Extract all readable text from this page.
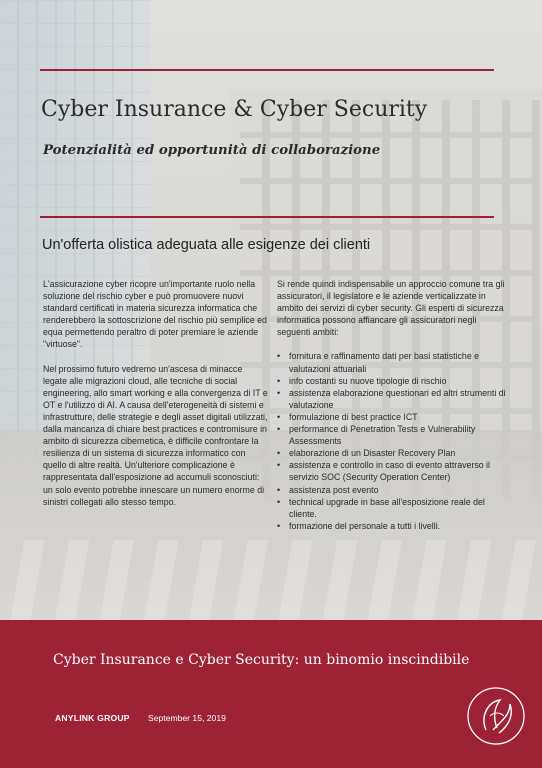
Cyber Insurance & Cyber Security
Potenzialità ed opportunità di collaborazione
Un'offerta olistica adeguata alle esigenze dei clienti

L'assicurazione cyber ricopre un'importante ruolo nella soluzione del rischio cyber e può promuovere nuovi standard certificati in materia sicurezza informatica che renderebbero la sottoscrizione del rischio più semplice ed equa permettendo peraltro di poter premiare le aziende "virtuose".

Nel prossimo futuro vedremo un'ascesa di minacce legate alle migrazioni cloud, alle tecniche di social engineering, allo smart working e alla convergenza di IT e OT e l'utilizzo di AI. A causa dell'eterogeneità di sistemi e infrastrutture, delle strategie e degli asset digitali utilizzati, dalla mancanza di chiare best practices e contromisure in ambito di sicurezza cibernetica, è difficile confrontare la resilienza di un sistema di sicurezza informatico con quello di altre realtà. Un'ulteriore complicazione è rappresentata dall'esposizione ad accumuli sconosciuti: un solo evento potrebbe innescare un numero enorme di sinistri collegati allo stesso tempo.

Si rende quindi indispensabile un approccio comune tra gli assicuratori, il legislatore e le aziende verticalizzate in ambito dei servizi di cyber security. Gli esperti di sicurezza informatica possono affiancare gli assicuratori negli seguenti ambiti:

• fornitura e raffinamento dati per basi statistiche e valutazioni attuariali
• info costanti su nuove tipologie di rischio
• assistenza elaborazione questionari ed altri strumenti di valutazione
• formulazione di best practice ICT
• performance di Penetration Tests e Vulnerability Assessments
• elaborazione di un Disaster Recovery Plan
• assistenza e controllo in caso di evento attraverso il servizio SOC (Security Operation Center)
• assistenza post evento
• technical upgrade in base all'esposizione reale del cliente.
• formazione del personale a tutti i livelli.
Cyber Insurance e Cyber Security: un binomio inscindibile
ANYLINK GROUP September 15, 2019
